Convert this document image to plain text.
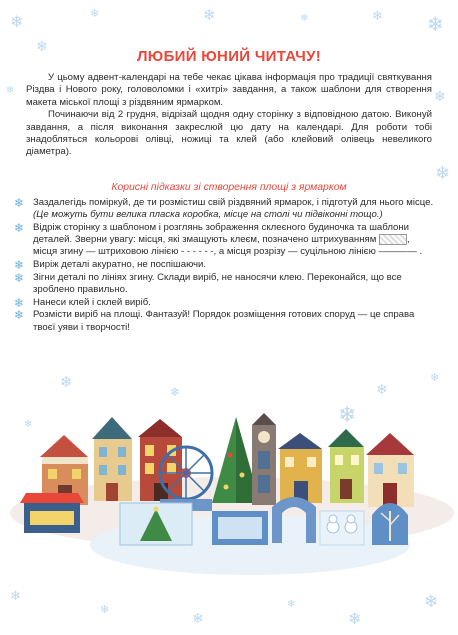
❄	❄	❄	❄	❄ ❄
❄
❄
❄
❄
❄
❄
❄
❄
❄
❄
❄
❄
❄
❄
❄
❄
ЛЮБИЙ ЮНИЙ ЧИТАЧУ!

У цьому адвент-календарі на тебе чекає цікава інформація про традиції святкування Різдва і Нового року, головоломки і «хитрі» завдання, а також шаблони для створення макета міської площі з різдвяним ярмарком.

Починаючи від 2 грудня, відрізай щодня одну сторінку з відповідною датою. Виконуй завдання, а після виконання закреслюй цю дату на календарі. Для роботи тобі знадобляться кольорові олівці, ножиці та клей (або клейовий олівець невеликого діаметра).

Корисні підказки зі створення площі з ярмарком
❄ Заздалегідь поміркуй, де ти розмістиш свій різдвяний ярмарок, і підготуй для нього місце. (Це можуть бути велика пласка коробка, місце на столі чи підвіконні тощо.)
❄ Відріж сторінку з шаблоном і розглянь зображення склеєного будиночка та шаблони деталей. Зверни увагу: місця, які змащують клеєм, позначено штрихуванням	, місця згину — штриховою лінією - - - - - -, а місця розрізу — суцільною лінією ———— .
❄ Виріж деталі акуратно, не поспішаючи.
❄ Зігни деталі по лініях згину. Склади виріб, не наносячи клею. Переконайся, що все зроблено правильно.
❄ Нанеси клей і склей виріб.
❄ Розмісти виріб на площі. Фантазуй! Порядок розміщення готових споруд — це справа твоєї уяви і творчості!
